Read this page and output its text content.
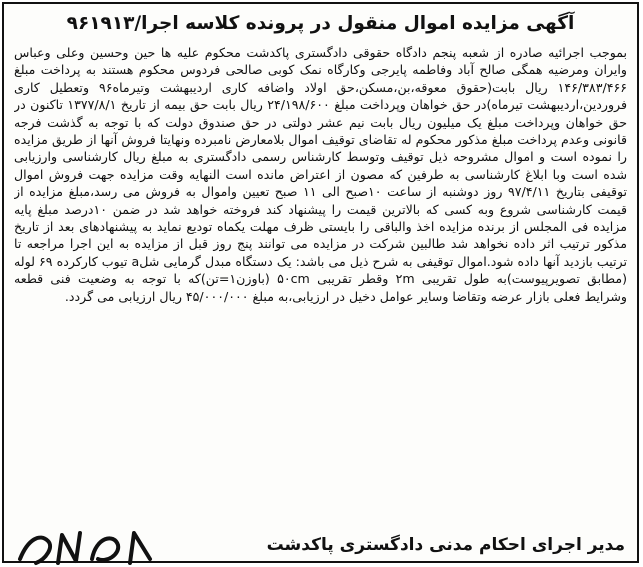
آگهی مزایده اموال منقول در پرونده کلاسه اجرا/۹۶۱۹۱۳

بموجب اجرائیه صادره از شعبه پنجم دادگاه حقوقی دادگستری پاکدشت محکوم علیه ها حین وحسین وعلی وعباس وایران ومرضیه همگی صالح آباد وفاطمه پایرجی وکارگاه نمک کوبی صالحی فردوس محکوم هستند به پرداخت مبلغ ۱۴۶/۳۸۳/۴۶۶ ریال بابت(حقوق معوقه،بن،مسکن،حق اولاد واضافه کاری اردیبهشت وتیرماه۹۶ وتعطیل کاری فروردین،اردیبهشت تیرماه)در حق خواهان وپرداخت مبلغ ۲۴/۱۹۸/۶۰۰ ریال بابت حق بیمه از تاریخ ۱۳۷۷/۸/۱ تاکنون در حق خواهان وپرداخت مبلغ یک میلیون ریال بابت نیم عشر دولتی در حق صندوق دولت که با توجه به گذشت فرجه قانونی وعدم پرداخت مبلغ مذکور محکوم له تقاضای توقیف اموال بلامعارض نامبرده ونهایتا فروش آنها از طریق مزایده را نموده است و اموال مشروحه ذیل توقیف وتوسط کارشناس رسمی دادگستری به مبلغ ریال کارشناسی وارزیابی شده است وبا ابلاغ کارشناسی به طرفین که مصون از اعتراض مانده است النهایه وقت مزایده جهت فروش اموال توقیفی بتاریخ ۹۷/۴/۱۱ روز دوشنبه از ساعت ۱۰صبح الی ۱۱ صبح تعیین واموال به فروش می رسد،مبلغ مزایده از قیمت کارشناسی شروع وبه کسی که بالاترین قیمت را پیشنهاد کند فروخته خواهد شد در ضمن ۱۰درصد مبلغ پایه مزایده فی المجلس از برنده مزایده اخذ والباقی را بایستی ظرف مهلت یکماه تودیع نماید به پیشنهادهای بعد از تاریخ مذکور ترتیب اثر داده نخواهد شد طالبین شرکت در مزایده می توانند پنج روز قبل از مزایده به این اجرا مراجعه تا ترتیب بازدید آنها داده شود.اموال توقیفی به شرح ذیل می باشد: یک دستگاه مبدل گرمایی شلa تیوب کارکرده ۶۹ لوله (مطابق تصویرپیوست)به طول تقریبی ۲m وقطر تقریبی ۵۰cm (باوزن۱=تن)که با توجه به وضعیت فنی قطعه وشرایط فعلی بازار عرضه وتقاضا وسایر عوامل دخیل در ارزیابی،به مبلغ ۴۵/۰۰۰/۰۰۰ ریال ارزیابی می گردد.

مدیر اجرای احکام مدنی دادگستری پاکدشت
